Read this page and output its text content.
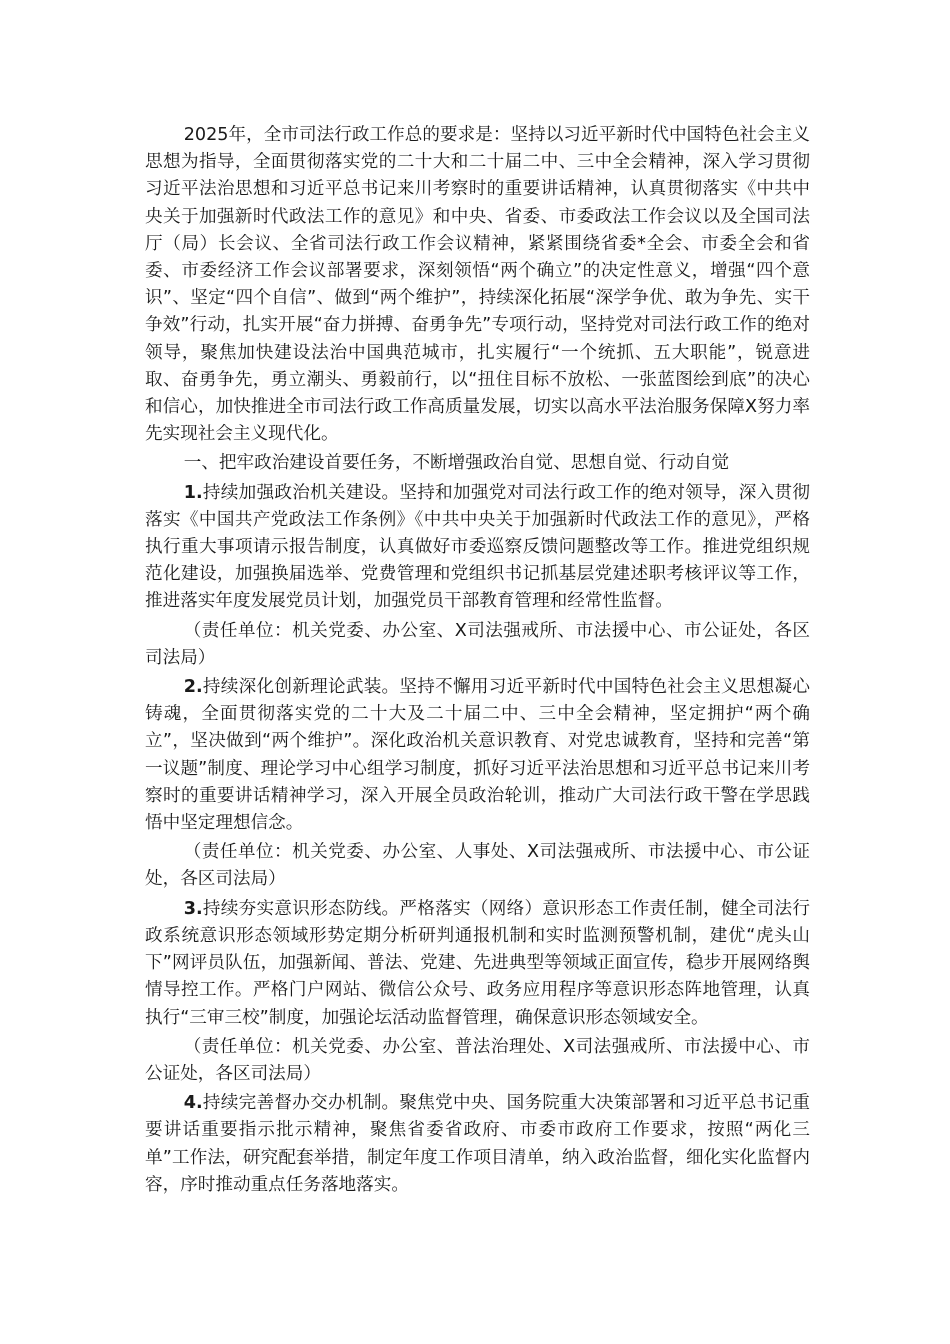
2025年，全市司法行政工作总的要求是：坚持以习近平新时代中国特色社会主义思想为指导，全面贯彻落实党的二十大和二十届二中、三中全会精神，深入学习贯彻习近平法治思想和习近平总书记来川考察时的重要讲话精神，认真贯彻落实《中共中央关于加强新时代政法工作的意见》和中央、省委、市委政法工作会议以及全国司法厅（局）长会议、全省司法行政工作会议精神，紧紧围绕省委*全会、市委全会和省委、市委经济工作会议部署要求，深刻领悟“两个确立”的决定性意义，增强“四个意识”、坚定“四个自信”、做到“两个维护”，持续深化拓展“深学争优、敢为争先、实干争效”行动，扎实开展“奋力拼搏、奋勇争先”专项行动，坚持党对司法行政工作的绝对领导，聚焦加快建设法治中国典范城市，扎实履行“一个统抓、五大职能”，锐意进取、奋勇争先，勇立潮头、勇毅前行，以“扭住目标不放松、一张蓝图绘到底”的决心和信心，加快推进全市司法行政工作高质量发展，切实以高水平法治服务保障X努力率先实现社会主义现代化。

一、把牢政治建设首要任务，不断增强政治自觉、思想自觉、行动自觉

1.持续加强政治机关建设。坚持和加强党对司法行政工作的绝对领导，深入贯彻落实《中国共产党政法工作条例》《中共中央关于加强新时代政法工作的意见》，严格执行重大事项请示报告制度，认真做好市委巡察反馈问题整改等工作。推进党组织规范化建设，加强换届选举、党费管理和党组织书记抓基层党建述职考核评议等工作，推进落实年度发展党员计划，加强党员干部教育管理和经常性监督。

（责任单位：机关党委、办公室、X司法强戒所、市法援中心、市公证处，各区司法局）

2.持续深化创新理论武装。坚持不懈用习近平新时代中国特色社会主义思想凝心铸魂，全面贯彻落实党的二十大及二十届二中、三中全会精神，坚定拥护“两个确立”，坚决做到“两个维护”。深化政治机关意识教育、对党忠诚教育，坚持和完善“第一议题”制度、理论学习中心组学习制度，抓好习近平法治思想和习近平总书记来川考察时的重要讲话精神学习，深入开展全员政治轮训，推动广大司法行政干警在学思践悟中坚定理想信念。

（责任单位：机关党委、办公室、人事处、X司法强戒所、市法援中心、市公证处，各区司法局）

3.持续夯实意识形态防线。严格落实（网络）意识形态工作责任制，健全司法行政系统意识形态领域形势定期分析研判通报机制和实时监测预警机制，建优“虎头山下”网评员队伍，加强新闻、普法、党建、先进典型等领域正面宣传，稳步开展网络舆情导控工作。严格门户网站、微信公众号、政务应用程序等意识形态阵地管理，认真执行“三审三校”制度，加强论坛活动监督管理，确保意识形态领域安全。

（责任单位：机关党委、办公室、普法治理处、X司法强戒所、市法援中心、市公证处，各区司法局）

4.持续完善督办交办机制。聚焦党中央、国务院重大决策部署和习近平总书记重要讲话重要指示批示精神，聚焦省委省政府、市委市政府工作要求，按照“两化三单”工作法，研究配套举措，制定年度工作项目清单，纳入政治监督，细化实化监督内容，序时推动重点任务落地落实。
